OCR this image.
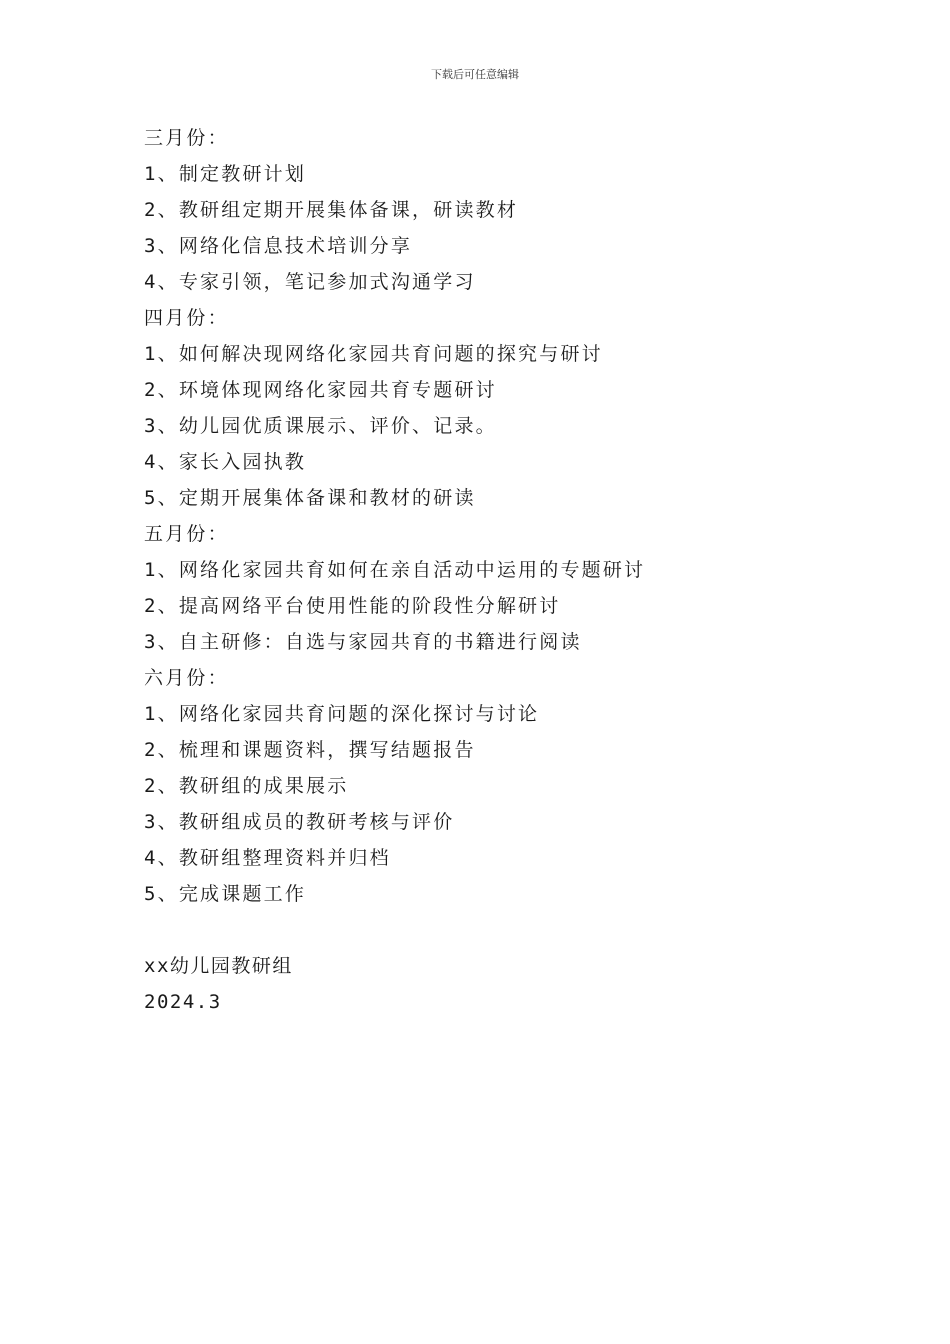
下载后可任意编辑
三月份：
1、制定教研计划
2、教研组定期开展集体备课，研读教材
3、网络化信息技术培训分享
4、专家引领，笔记参加式沟通学习
四月份：
1、如何解决现网络化家园共育问题的探究与研讨
2、环境体现网络化家园共育专题研讨
3、幼儿园优质课展示、评价、记录。
4、家长入园执教
5、定期开展集体备课和教材的研读
五月份：
1、网络化家园共育如何在亲自活动中运用的专题研讨
2、提高网络平台使用性能的阶段性分解研讨
3、自主研修：自选与家园共育的书籍进行阅读
六月份：
1、网络化家园共育问题的深化探讨与讨论
2、梳理和课题资料，撰写结题报告
2、教研组的成果展示
3、教研组成员的教研考核与评价
4、教研组整理资料并归档
5、完成课题工作
xx幼儿园教研组
2024.3
